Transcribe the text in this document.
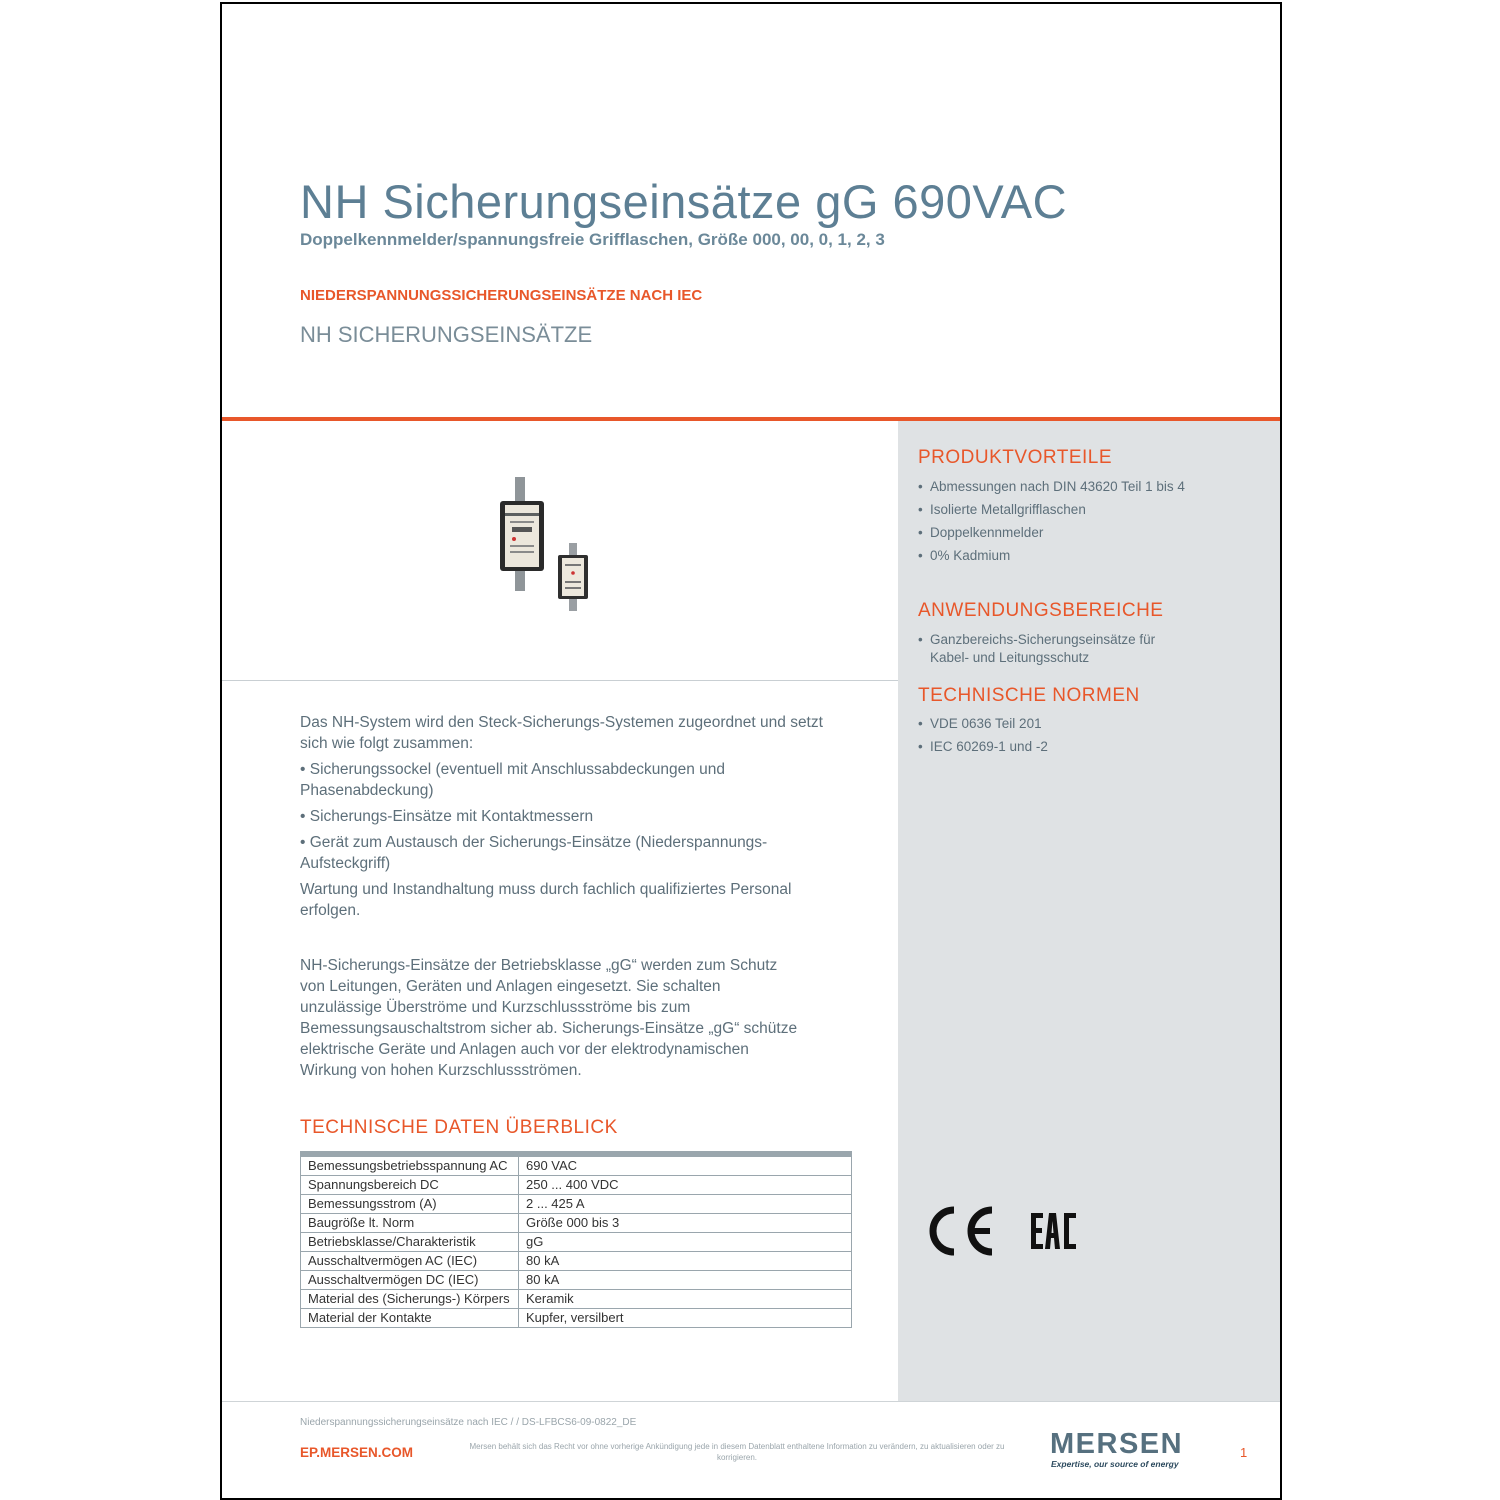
NH Sicherungseinsätze gG 690VAC
Doppelkennmelder/spannungsfreie Grifflaschen, Größe 000, 00, 0, 1, 2, 3
NIEDERSPANNUNGSSICHERUNGSEINSÄTZE NACH IEC
NH SICHERUNGSEINSÄTZE
PRODUKTVORTEILE
• Abmessungen nach DIN 43620 Teil 1 bis 4
• Isolierte Metallgrifflaschen
• Doppelkennmelder
• 0% Kadmium
ANWENDUNGSBEREICHE
• Ganzbereichs-Sicherungseinsätze für Kabel- und Leitungsschutz
TECHNISCHE NORMEN
• VDE 0636 Teil 201
• IEC 60269-1 und -2

Das NH-System wird den Steck-Sicherungs-Systemen zugeordnet und setzt sich wie folgt zusammen:

• Sicherungssockel (eventuell mit Anschlussabdeckungen und Phasenabdeckung)

• Sicherungs-Einsätze mit Kontaktmessern

• Gerät zum Austausch der Sicherungs-Einsätze (Niederspannungs-Aufsteckgriff)

Wartung und Instandhaltung muss durch fachlich qualifiziertes Personal erfolgen.

NH-Sicherungs-Einsätze der Betriebsklasse „gG“ werden zum Schutz von Leitungen, Geräten und Anlagen eingesetzt. Sie schalten unzulässige Überströme und Kurzschlussströme bis zum Bemessungsauschaltstrom sicher ab. Sicherungs-Einsätze „gG“ schütze elektrische Geräte und Anlagen auch vor der elektrodynamischen Wirkung von hohen Kurzschlussströmen.

TECHNISCHE DATEN ÜBERBLICK
Bemessungsbetriebsspannung AC	690 VAC
Spannungsbereich DC	250 ... 400 VDC
Bemessungsstrom (A)	2 ... 425 A
Baugröße lt. Norm	Größe 000 bis 3
Betriebsklasse/Charakteristik	gG
Ausschaltvermögen AC (IEC)	80 kA
Ausschaltvermögen DC (IEC)	80 kA
Material des (Sicherungs-) Körpers	Keramik
Material der Kontakte	Kupfer, versilbert

Niederspannungssicherungseinsätze nach IEC / / DS-LFBCS6-09-0822_DE
EP.MERSEN.COM	Mersen behält sich das Recht vor ohne vorherige Ankündigung jede in diesem Datenblatt enthaltene Information zu verändern, zu aktualisieren oder zu korrigieren.	MERSEN
Expertise, our source of energy
1
